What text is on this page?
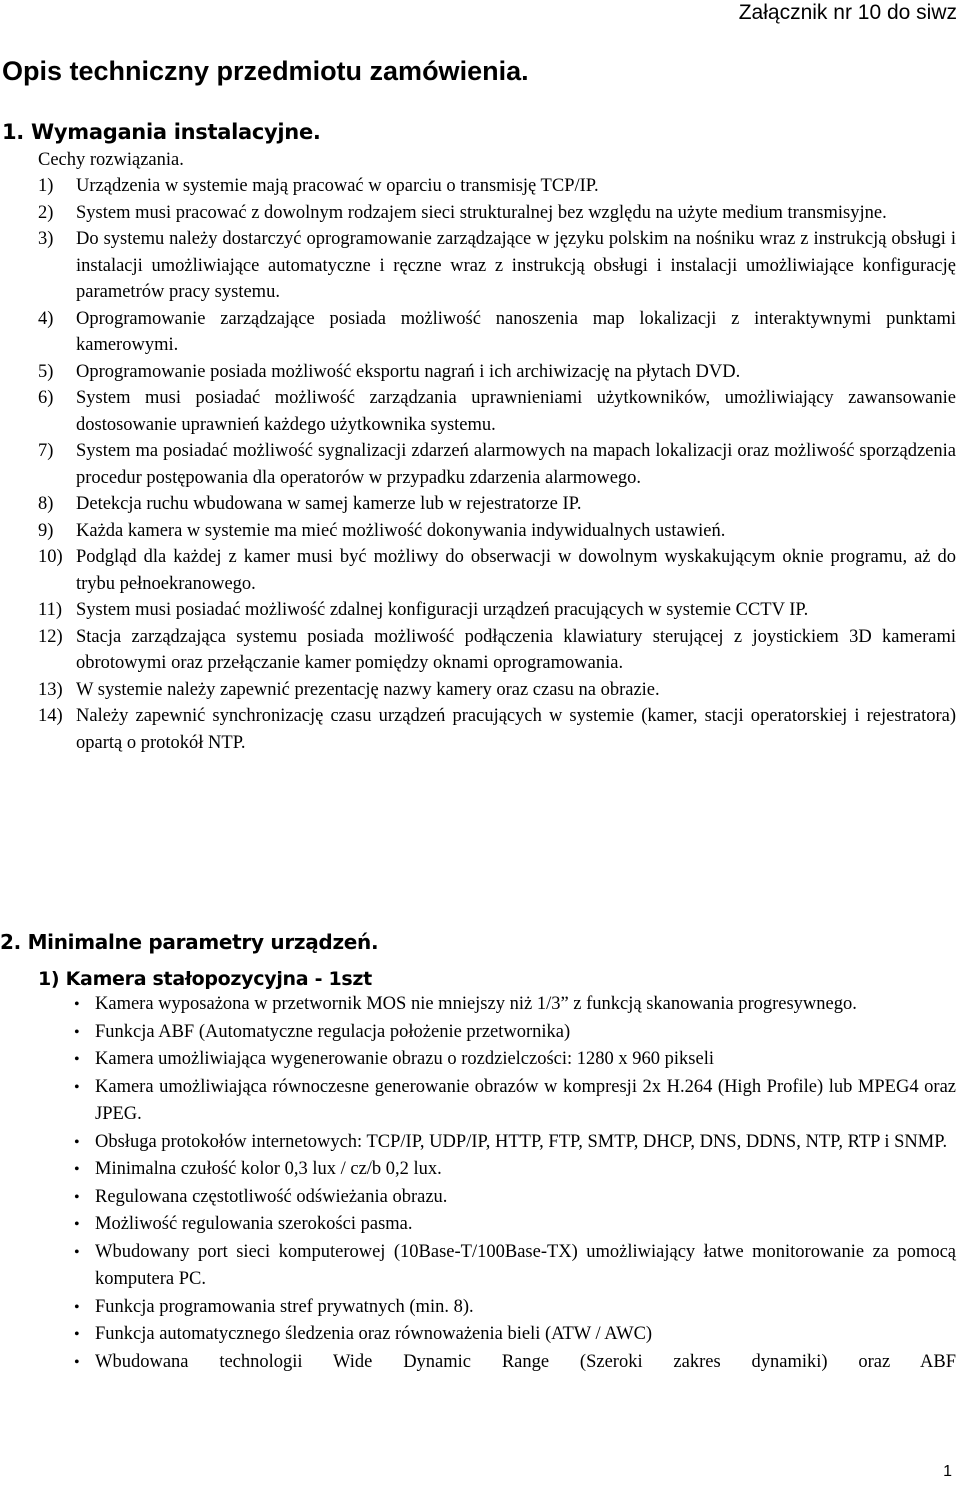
Załącznik nr 10 do siwz
Opis techniczny przedmiotu zamówienia.
1. Wymagania instalacyjne.
Cechy rozwiązania.
1) Urządzenia w systemie mają pracować w oparciu o transmisję TCP/IP.
2) System musi pracować z dowolnym rodzajem sieci strukturalnej bez względu na użyte medium transmisyjne.
3) Do systemu należy dostarczyć oprogramowanie zarządzające w języku polskim na nośniku wraz z instrukcją obsługi i instalacji umożliwiające automatyczne i ręczne wraz z instrukcją obsługi i instalacji umożliwiające konfigurację parametrów pracy systemu.
4) Oprogramowanie zarządzające posiada możliwość nanoszenia map lokalizacji z interaktywnymi punktami kamerowymi.
5) Oprogramowanie posiada możliwość eksportu nagrań i ich archiwizację na płytach DVD.
6) System musi posiadać możliwość zarządzania uprawnieniami użytkowników, umożliwiający zawansowanie dostosowanie uprawnień każdego użytkownika systemu.
7) System ma posiadać możliwość sygnalizacji zdarzeń alarmowych na mapach lokalizacji oraz możliwość sporządzenia procedur postępowania dla operatorów w przypadku zdarzenia alarmowego.
8) Detekcja ruchu wbudowana w samej kamerze lub w rejestratorze IP.
9) Każda kamera w systemie ma mieć możliwość dokonywania indywidualnych ustawień.
10) Podgląd dla każdej z kamer musi być możliwy do obserwacji w dowolnym wyskakującym oknie programu, aż do trybu pełnoekranowego.
11) System musi posiadać możliwość zdalnej konfiguracji urządzeń pracujących w systemie CCTV IP.
12) Stacja zarządzająca systemu posiada możliwość podłączenia klawiatury sterującej z joystickiem 3D kamerami obrotowymi oraz przełączanie kamer pomiędzy oknami oprogramowania.
13) W systemie należy zapewnić prezentację nazwy kamery oraz czasu na obrazie.
14) Należy zapewnić synchronizację czasu urządzeń pracujących w systemie (kamer, stacji operatorskiej i rejestratora) opartą o protokół NTP.
2. Minimalne parametry urządzeń.
1) Kamera stałopozycyjna - 1szt
• Kamera wyposażona w przetwornik MOS nie mniejszy niż 1/3” z funkcją skanowania progresywnego.
• Funkcja ABF (Automatyczne regulacja położenie przetwornika)
• Kamera umożliwiająca wygenerowanie obrazu o rozdzielczości: 1280 x 960 pikseli
• Kamera umożliwiająca równoczesne generowanie obrazów w kompresji 2x H.264 (High Profile) lub MPEG4 oraz JPEG.
• Obsługa protokołów internetowych: TCP/IP, UDP/IP, HTTP, FTP, SMTP, DHCP, DNS, DDNS, NTP, RTP i SNMP.
• Minimalna czułość kolor 0,3 lux / cz/b 0,2 lux.
• Regulowana częstotliwość odświeżania obrazu.
• Możliwość regulowania szerokości pasma.
• Wbudowany port sieci komputerowej (10Base-T/100Base-TX) umożliwiający łatwe monitorowanie za pomocą komputera PC.
• Funkcja programowania stref prywatnych (min. 8).
• Funkcja automatycznego śledzenia oraz równoważenia bieli (ATW / AWC)
• Wbudowana technologii Wide Dynamic Range (Szeroki zakres dynamiki) oraz ABF
1
